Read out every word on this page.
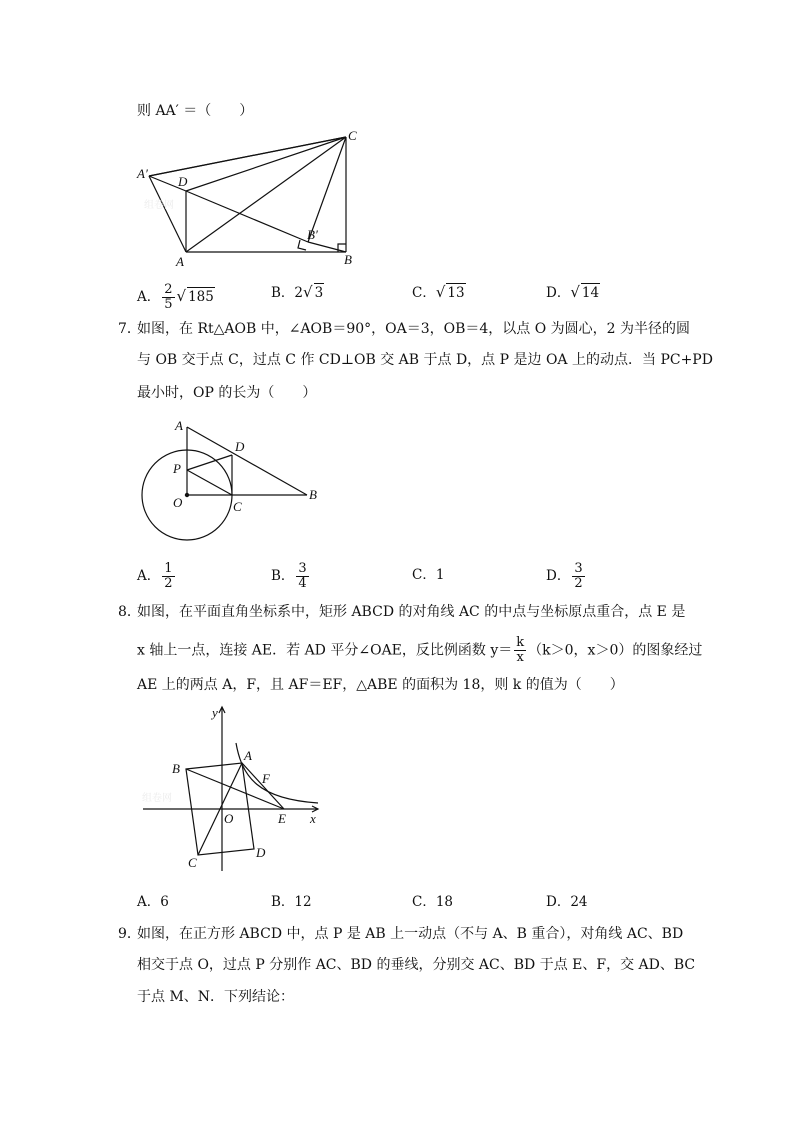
则 AA′ ＝（　　）
组卷网
C
A′
D
B′
A	B
A． $\frac{2}{5}$ √ 185	B．2√ 3	C．√ 13	D．√ 14
7．
如图，在 Rt△AOB 中，∠AOB＝90°，OA＝3，OB＝4，以点 O 为圆心，2 为半径的圆
与 OB 交于点 C，过点 C 作 CD⊥OB 交 AB 于点 D，点 P 是边 OA 上的动点．当 PC+PD
最小时，OP 的长为（　　）
A
D
P
O	C
B
A． $\frac{1}{2}$	B． $\frac{3}{4}$	C．1	D． $\frac{3}{2}$
8．
如图，在平面直角坐标系中，矩形 ABCD 的对角线 AC 的中点与坐标原点重合，点 E 是
x 轴上一点，连接 AE．若 AD 平分∠OAE，反比例函数 $y= \frac{k}{x} (k>0$，x＞0）的图象经过
AE 上的两点 A，F，且 AF＝EF，△ABE 的面积为 18，则 k 的值为（　　）
组卷网
y
A
B
F
O	E x
C
D
A．6	B．12	C．18	D．24
9．
如图，在正方形 ABCD 中，点 P 是 AB 上一动点（不与 A、B 重合），对角线 AC、BD
相交于点 O，过点 P 分别作 AC、BD 的垂线，分别交 AC、BD 于点 E、F，交 AD、BC
于点 M、N．下列结论：
